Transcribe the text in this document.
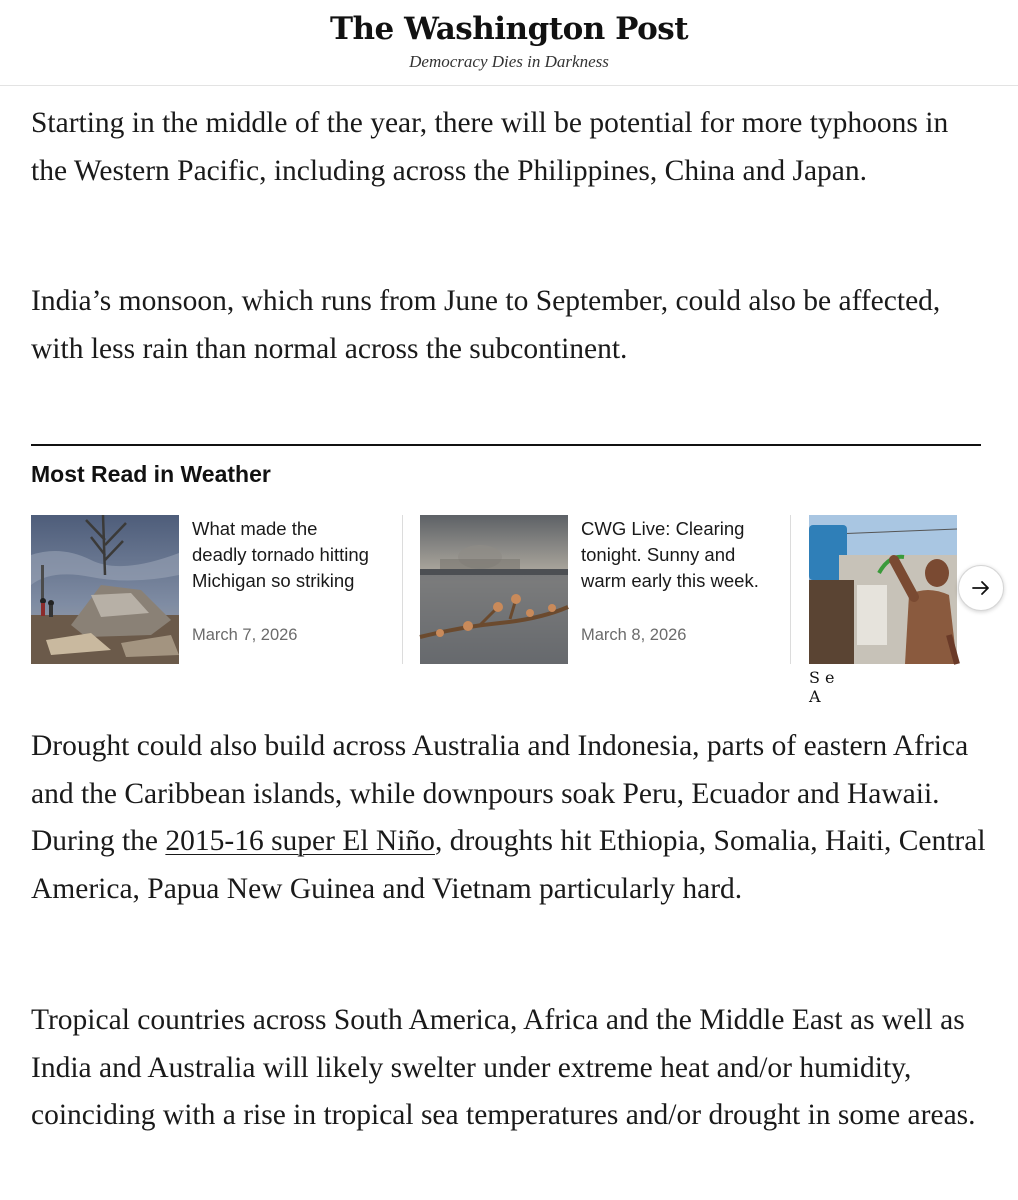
The Washington Post
Democracy Dies in Darkness

Starting in the middle of the year, there will be potential for more typhoons in the Western Pacific, including across the Philippines, China and Japan.

India’s monsoon, which runs from June to September, could also be affected, with less rain than normal across the subcontinent.

Most Read in Weather
What made the deadly tornado hitting Michigan so striking
March 7, 2026
CWG Live: Clearing tonight. Sunny and warm early this week.
March 8, 2026
S e
A

Drought could also build across Australia and Indonesia, parts of eastern Africa and the Caribbean islands, while downpours soak Peru, Ecuador and Hawaii. During the 2015-16 super El Niño, droughts hit Ethiopia, Somalia, Haiti, Central America, Papua New Guinea and Vietnam particularly hard.

Tropical countries across South America, Africa and the Middle East as well as India and Australia will likely swelter under extreme heat and/or humidity, coinciding with a rise in tropical sea temperatures and/or drought in some areas.
